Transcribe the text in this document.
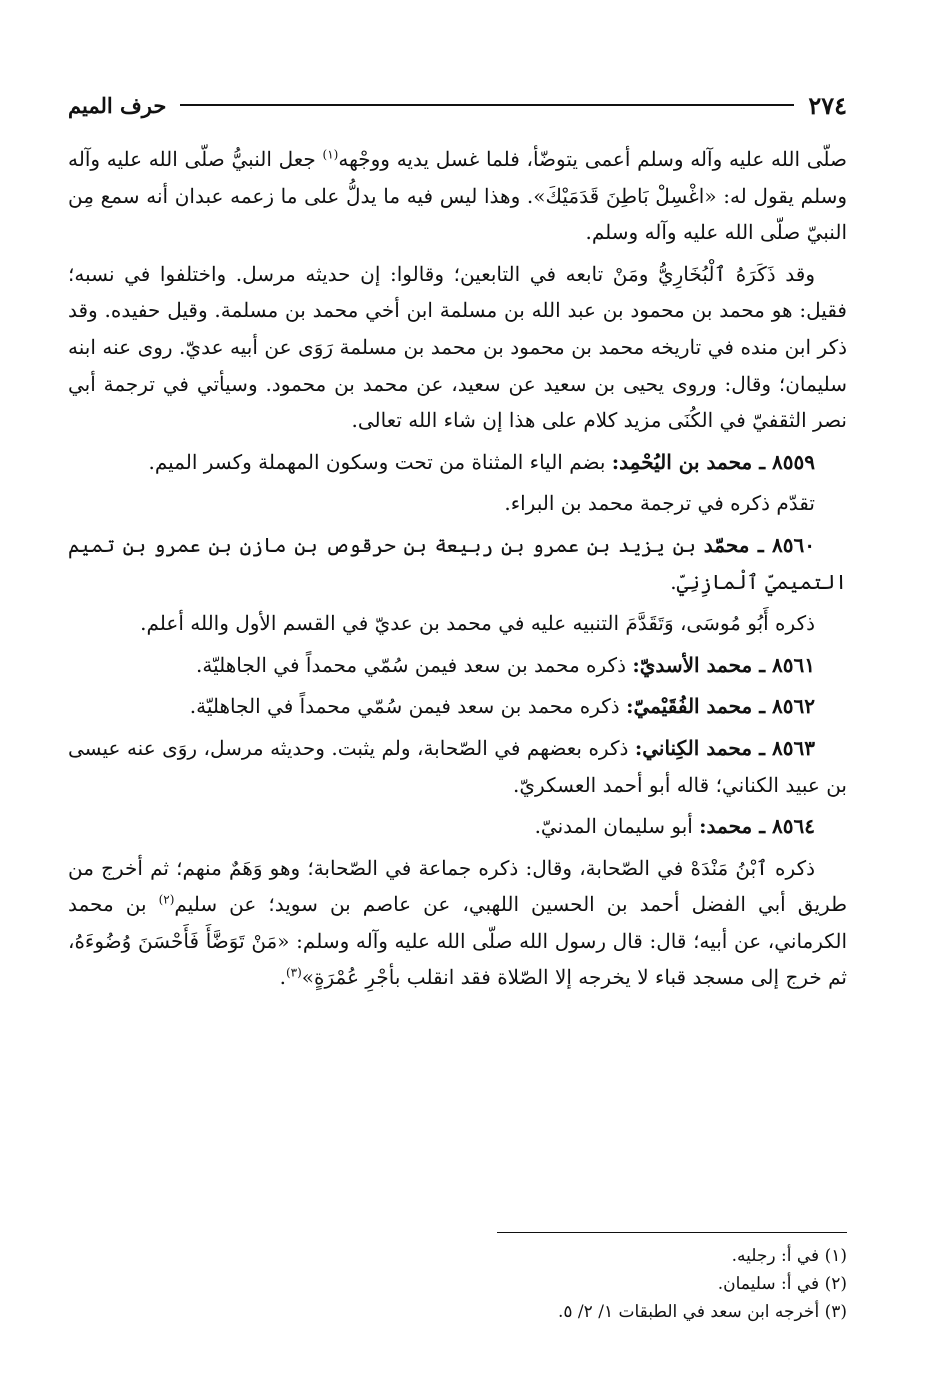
٢٧٤
حرف الميم

صلّى الله عليه وآله وسلم أعمى يتوضّأ، فلما غسل يديه ووجْهه$^{(١)}$ جعل النبيُّ صلّى الله عليه وآله وسلم يقول له: «اغْسِلْ بَاطِنَ قَدَمَيْكَ». وهذا ليس فيه ما يدلُّ على ما زعمه عبدان أنه سمع مِن النبيّ صلّى الله عليه وآله وسلم.

وقد ذَكَرَهُ ٱلْبُخَارِيُّ ومَنْ تابعه في التابعين؛ وقالوا: إن حديثه مرسل. واختلفوا في نسبه؛ فقيل: هو محمد بن محمود بن عبد الله بن مسلمة ابن أخي محمد بن مسلمة. وقيل حفيده. وقد ذكر ابن منده في تاريخه محمد بن محمود بن محمد بن مسلمة رَوَى عن أبيه عديّ. روى عنه ابنه سليمان؛ وقال: وروى يحيى بن سعيد عن سعيد، عن محمد بن محمود. وسيأتي في ترجمة أبي نصر الثقفيّ في الكُنَى مزيد كلام على هذا إن شاء الله تعالى.

٨٥٥٩ ـ محمد بن اليُحْمِد: بضم الياء المثناة من تحت وسكون المهملة وكسر الميم.

تقدّم ذكره في ترجمة محمد بن البراء.

٨٥٦٠ ـ محمّد بن يزيد بن عمرو بن ربيعة بن حرقوص بن مازن بن عمرو بن تميم التميميّ ٱلْمازِنِيّ.

ذكره أَبُو مُوسَى، وَتَقَدَّمَ التنبيه عليه في محمد بن عديّ في القسم الأول والله أعلم.

٨٥٦١ ـ محمد الأسديّ: ذكره محمد بن سعد فيمن سُمّي محمداً في الجاهليّة.

٨٥٦٢ ـ محمد الفُقَيْميّ: ذكره محمد بن سعد فيمن سُمّي محمداً في الجاهليّة.

٨٥٦٣ ـ محمد الكِناني: ذكره بعضهم في الصّحابة، ولم يثبت. وحديثه مرسل، روَى عنه عيسى بن عبيد الكناني؛ قاله أبو أحمد العسكريّ.

٨٥٦٤ ـ محمد: أبو سليمان المدنيّ.

ذكره ٱبْنُ مَنْدَهْ في الصّحابة، وقال: ذكره جماعة في الصّحابة؛ وهو وَهَمٌ منهم؛ ثم أخرج من طريق أبي الفضل أحمد بن الحسين اللهبي، عن عاصم بن سويد؛ عن سليم$^{(٢)}$ بن محمد الكرماني، عن أبيه؛ قال: قال رسول الله صلّى الله عليه وآله وسلم: «مَنْ تَوَضَّأَ فَأَحْسَنَ وُضُوءَهُ، ثم خرج إلى مسجد قباء لا يخرجه إلا الصّلاة فقد انقلب بأجْرِ عُمْرَةٍ»$^{(٣)}$.

(١) في أ: رجليه.
(٢) في أ: سليمان.
(٣) أخرجه ابن سعد في الطبقات ١/ ٢/ ٥.
